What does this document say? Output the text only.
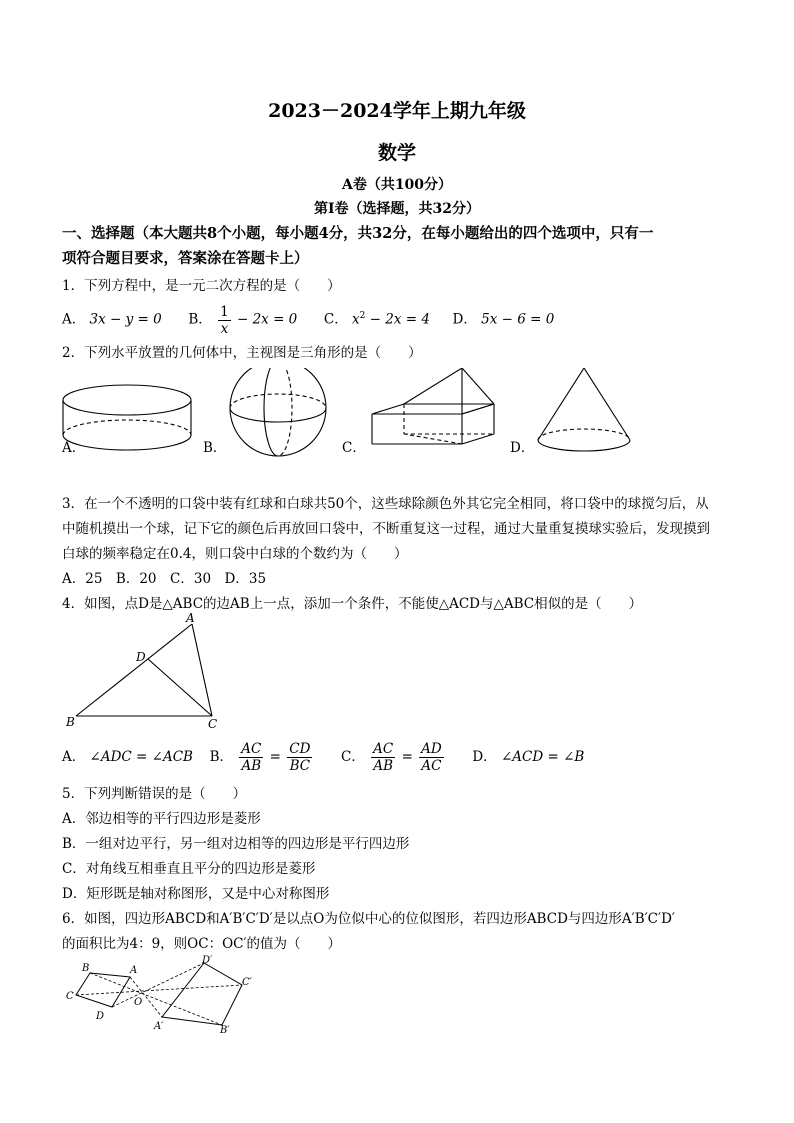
2023－2024学年上期九年级
数学
A卷（共100分）
第Ⅰ卷（选择题，共32分）
一、选择题（本大题共8个小题，每小题4分，共32分，在每小题给出的四个选项中，只有一
项符合题目要求，答案涂在答题卡上）
1．下列方程中，是一元二次方程的是（　　）
A． 3x − y = 0 B． $\frac{1}{x} - 2x = 0$ C． $x^2 - 2x = 4$ D． 5x − 6 = 0
2．下列水平放置的几何体中，主视图是三角形的是（　　）
A．	B．	C．	D．
3．在一个不透明的口袋中装有红球和白球共50个，这些球除颜色外其它完全相同，将口袋中的球搅匀后，从
中随机摸出一个球，记下它的颜色后再放回口袋中，不断重复这一过程，通过大量重复摸球实验后，发现摸到
白球的频率稳定在0.4，则口袋中白球的个数约为（　　）
A．25　B．20　C．30　D．35
4．如图，点D是△ABC的边AB上一点，添加一个条件，不能使△ACD与△ABC相似的是（　　）
A
B	C
D
A． ∠ADC = ∠ACB B． $\frac{AC}{AB} = \frac{CD}{BC}$ C． $\frac{AC}{AB} = \frac{AD}{AC}$ D． ∠ACD = ∠B
5．下列判断错误的是（　　）
A．邻边相等的平行四边形是菱形
B．一组对边平行，另一组对边相等的四边形是平行四边形
C．对角线互相垂直且平分的四边形是菱形
D．矩形既是轴对称图形，又是中心对称图形
6．如图，四边形ABCD和A′B′C′D′是以点O为位似中心的位似图形，若四边形ABCD与四边形A′B′C′D′
的面积比为4：9，则OC：OC′的值为（　　）
B	A
C
D
O
A′	B′
C′
D′
